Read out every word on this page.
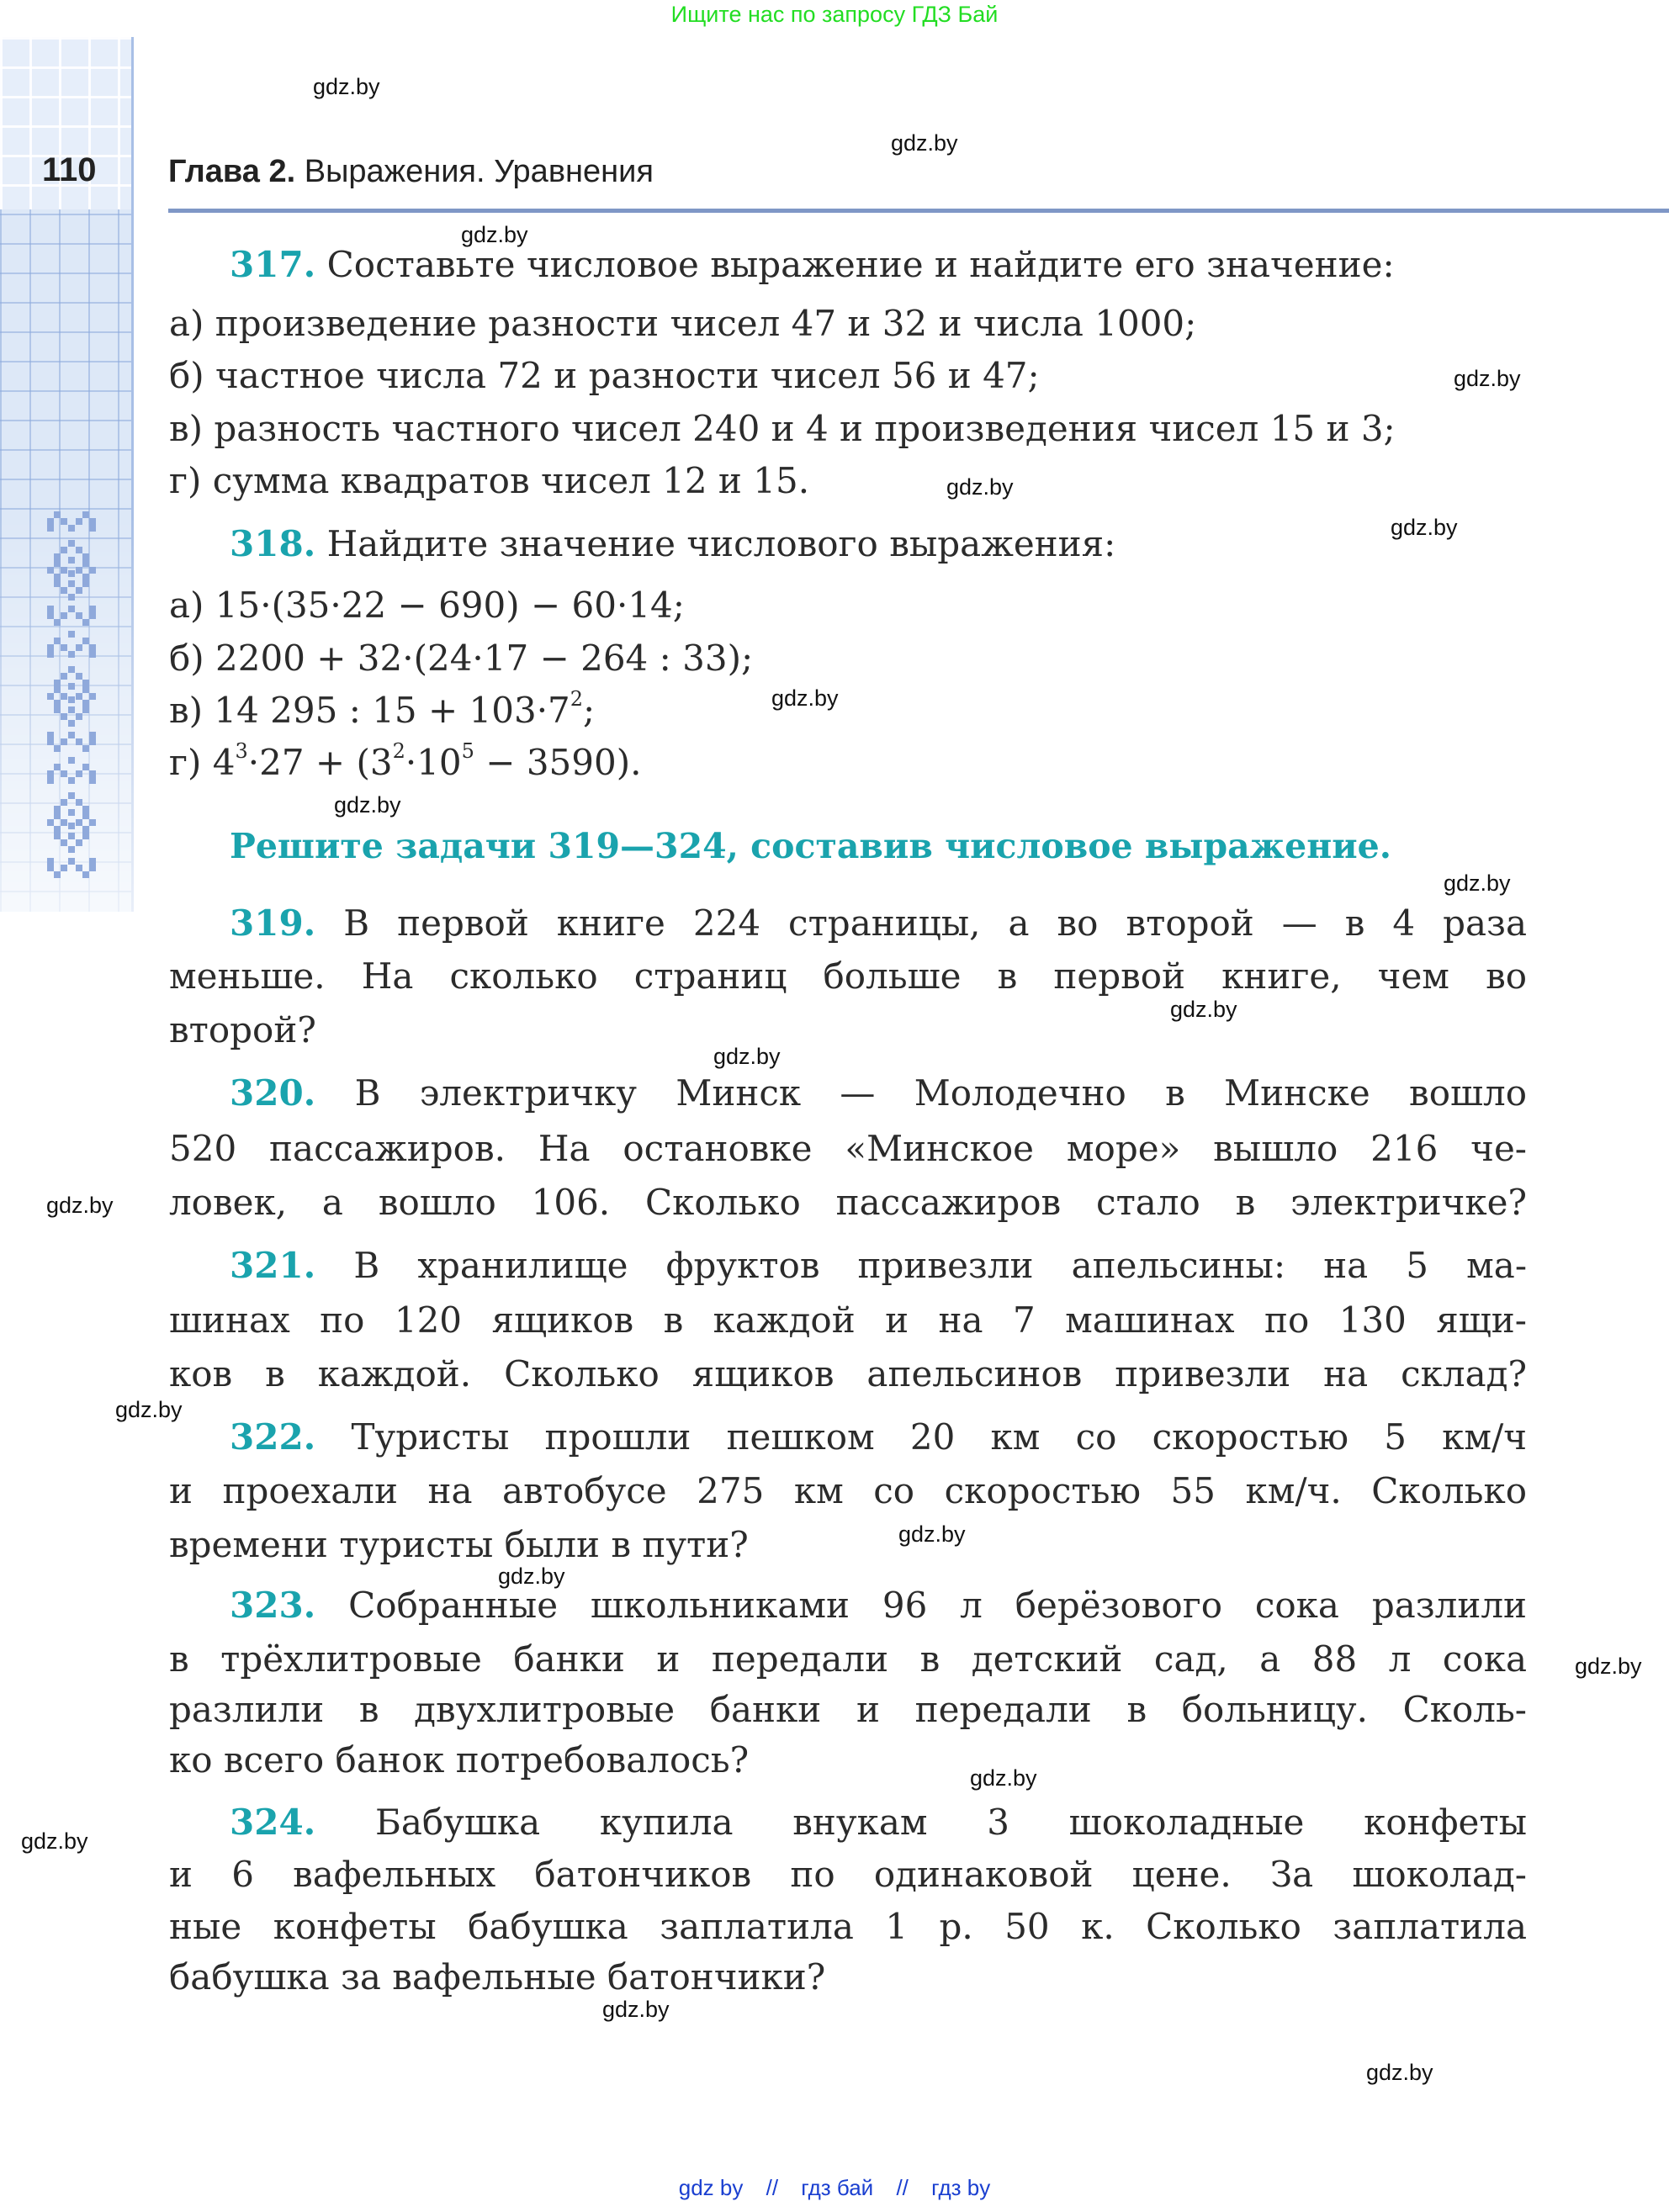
Ищите нас по запросу ГДЗ Бай
110 Глава 2. Выражения. Уравнения
317. Составьте числовое выражение и найдите его значение:
а) произведение разности чисел 47 и 32 и числа 1000;
б) частное числа 72 и разности чисел 56 и 47;
в) разность частного чисел 240 и 4 и произведения чисел 15 и 3;
г) сумма квадратов чисел 12 и 15.
318. Найдите значение числового выражения:
а) 15·(35·22 − 690) − 60·14;
б) 2200 + 32·(24·17 − 264 : 33);
в) 14 295 : $15 + 103\cdot 7^2$;
г) $4^3\cdot 27 + (3^2\cdot 10^5 - 3590)$.
Решите задачи 319—324, составив числовое выражение.
319. В первой книге 224 страницы, а во второй — в 4 раза
меньше. На сколько страниц больше в первой книге, чем во
второй?
320. В электричку Минск — Молодечно в Минске вошло
520 пассажиров. На остановке «Минское море» вышло 216 че-
ловек, а вошло 106. Сколько пассажиров стало в электричке?
321. В хранилище фруктов привезли апельсины: на 5 ма-
шинах по 120 ящиков в каждой и на 7 машинах по 130 ящи-
ков в каждой. Сколько ящиков апельсинов привезли на склад?
322. Туристы прошли пешком 20 км со скоростью 5 км/ч
и проехали на автобусе 275 км со скоростью 55 км/ч. Сколько
времени туристы были в пути?
323. Собранные школьниками 96 л берёзового сока разлили
в трёхлитровые банки и передали в детский сад, а 88 л сока
разлили в двухлитровые банки и передали в больницу. Сколь-
ко всего банок потребовалось?
324. Бабушка купила внукам 3 шоколадные конфеты
и 6 вафельных батончиков по одинаковой цене. За шоколад-
ные конфеты бабушка заплатила 1 р. 50 к. Сколько заплатила
бабушка за вафельные батончики?
gdz.by
gdz.by
gdz.by
gdz.by
gdz.by
gdz.by
gdz.by
gdz.by
gdz.by
gdz.by
gdz.by
gdz.by
gdz.by
gdz.by
gdz.by
gdz.by
gdz.by
gdz.by
gdz.by
gdz.by
gdz by // гдз бай // гдз by
